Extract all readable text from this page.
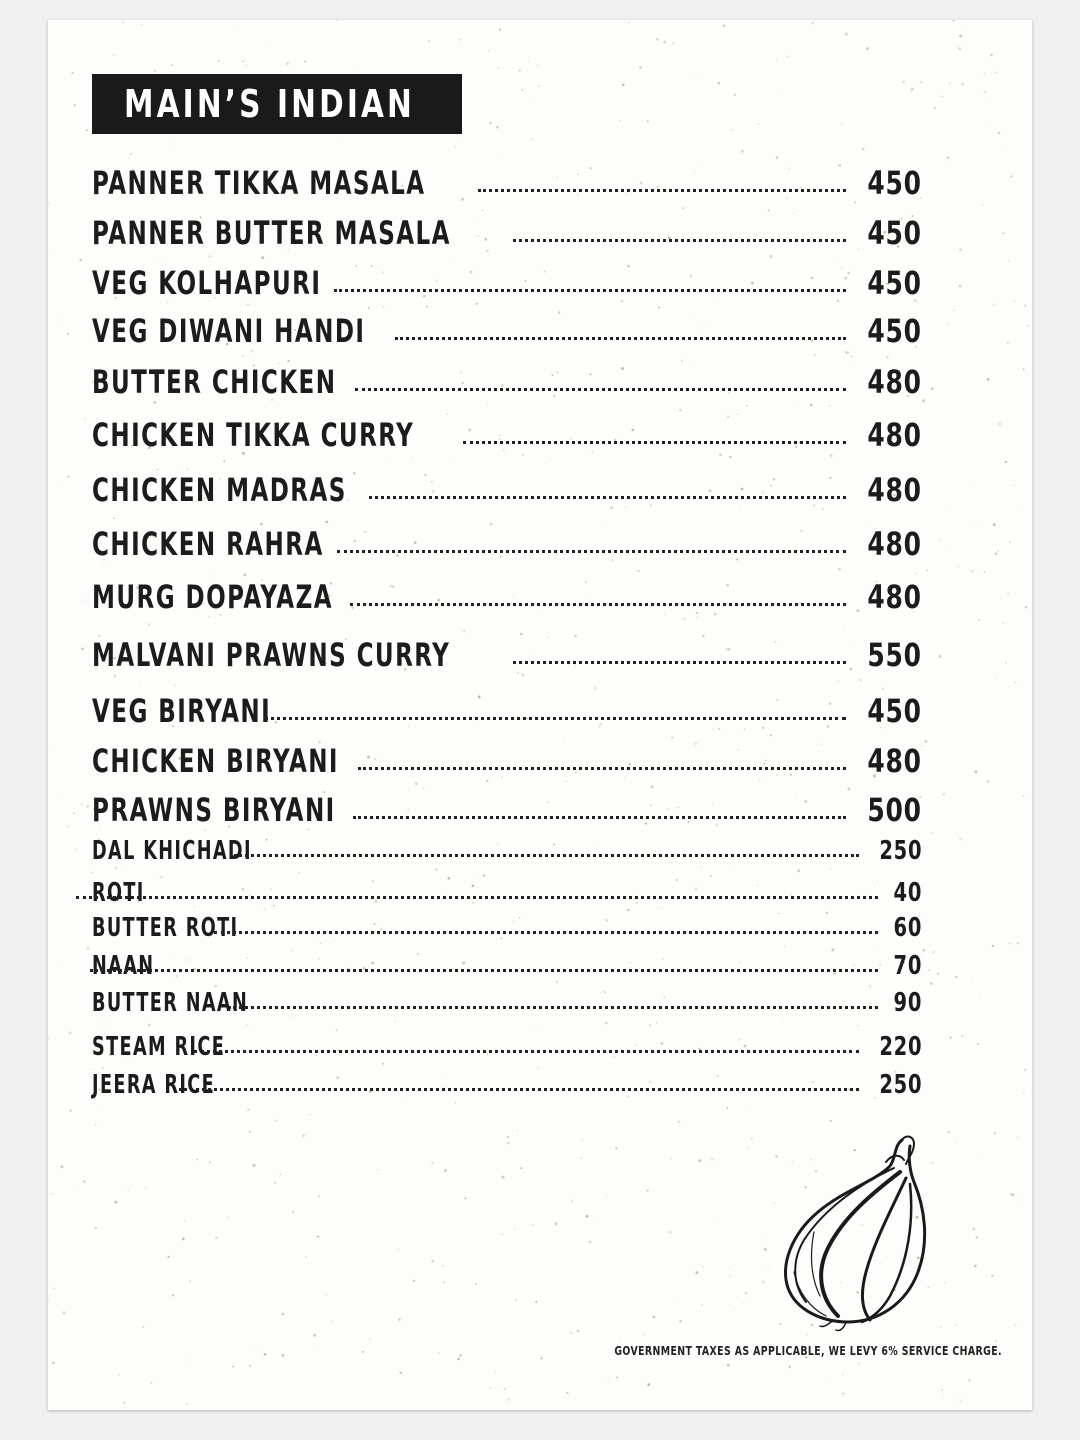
MAIN’S INDIAN
PANNER TIKKA MASALA	450
PANNER BUTTER MASALA	450
VEG KOLHAPURI	450
VEG DIWANI HANDI	450
BUTTER CHICKEN	480
CHICKEN TIKKA CURRY	480
CHICKEN MADRAS	480
CHICKEN RAHRA	480
MURG DOPAYAZA	480
MALVANI PRAWNS CURRY	550
VEG BIRYANI	450
CHICKEN BIRYANI	480
PRAWNS BIRYANI	500
DAL KHICHADI	250
ROTI	40
BUTTER ROTI	60
NAAN	70
BUTTER NAAN	90
STEAM RICE	220
JEERA RICE	250
GOVERNMENT TAXES AS APPLICABLE, WE LEVY 6% SERVICE CHARGE.
